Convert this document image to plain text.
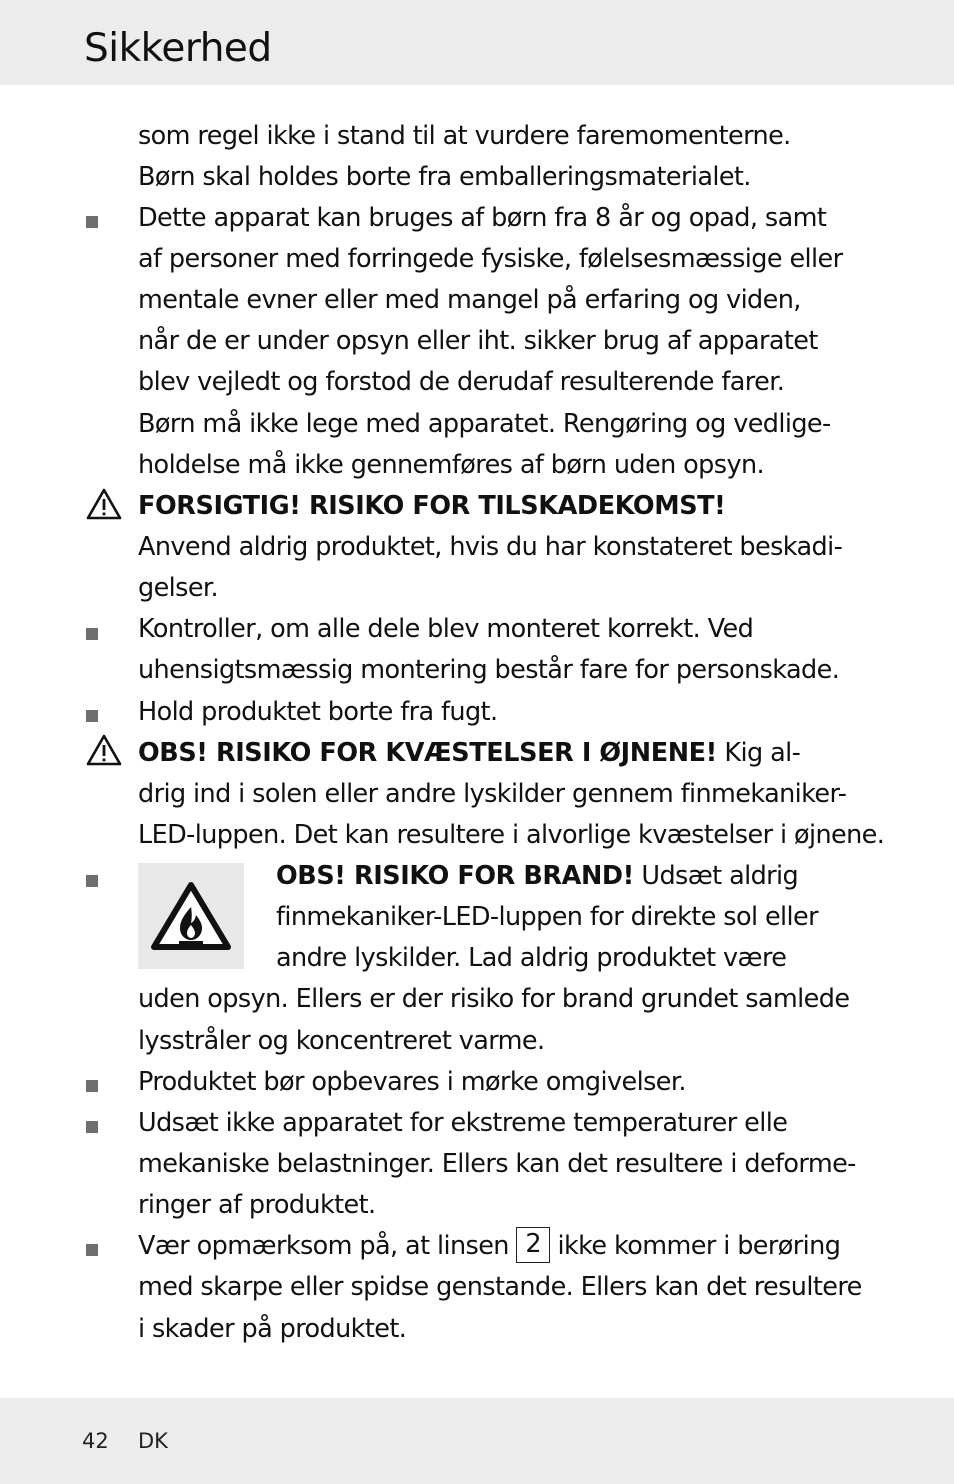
Sikkerhed
som regel ikke i stand til at vurdere faremomenterne.
Børn skal holdes borte fra emballeringsmaterialet.
Dette apparat kan bruges af børn fra 8 år og opad, samt
af personer med forringede fysiske, følelsesmæssige eller
mentale evner eller med mangel på erfaring og viden,
når de er under opsyn eller iht. sikker brug af apparatet
blev vejledt og forstod de derudaf resulterende farer.
Børn må ikke lege med apparatet. Rengøring og vedlige-
holdelse må ikke gennemføres af børn uden opsyn.
FORSIGTIG! RISIKO FOR TILSKADEKOMST!
Anvend aldrig produktet, hvis du har konstateret beskadi-
gelser.
Kontroller, om alle dele blev monteret korrekt. Ved
uhensigtsmæssig montering består fare for personskade.
Hold produktet borte fra fugt.
OBS! RISIKO FOR KVÆSTELSER I ØJNENE! Kig al-
drig ind i solen eller andre lyskilder gennem finmekaniker-
LED-luppen. Det kan resultere i alvorlige kvæstelser i øjnene.
OBS! RISIKO FOR BRAND! Udsæt aldrig
finmekaniker-LED-luppen for direkte sol eller
andre lyskilder. Lad aldrig produktet være
uden opsyn. Ellers er der risiko for brand grundet samlede
lysstråler og koncentreret varme.
Produktet bør opbevares i mørke omgivelser.
Udsæt ikke apparatet for ekstreme temperaturer elle
mekaniske belastninger. Ellers kan det resultere i deforme-
ringer af produktet.
Vær opmærksom på, at linsen 2 ikke kommer i berøring
med skarpe eller spidse genstande. Ellers kan det resultere
i skader på produktet.
42 DK
